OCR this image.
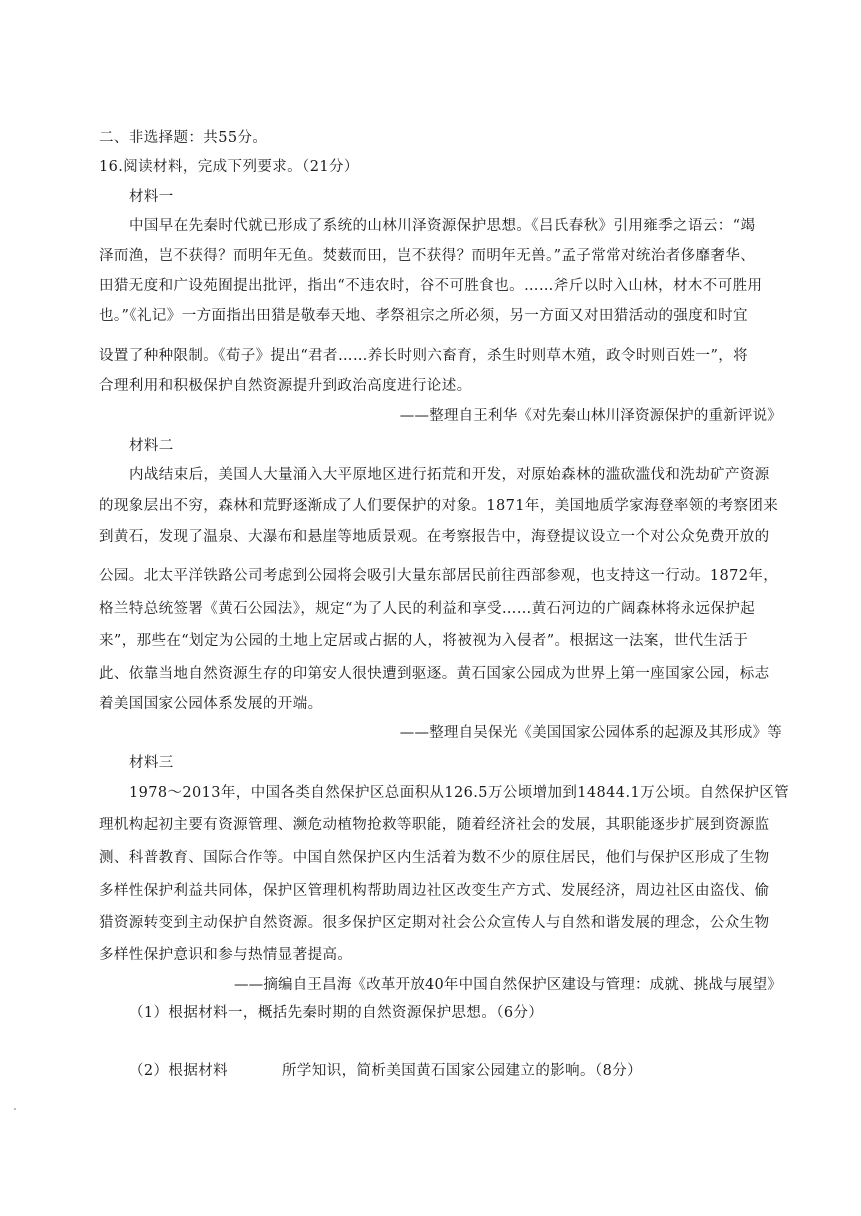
二、非选择题：共55分。
16.阅读材料，完成下列要求。（21分）
材料一
中国早在先秦时代就已形成了系统的山林川泽资源保护思想。《吕氏春秋》引用雍季之语云：“竭
泽而渔，岂不获得？而明年无鱼。焚薮而田，岂不获得？而明年无兽。”孟子常常对统治者侈靡奢华、
田猎无度和广设苑囿提出批评，指出“不违农时，谷不可胜食也。……斧斤以时入山林，材木不可胜用
也。”《礼记》一方面指出田猎是敬奉天地、孝祭祖宗之所必须，另一方面又对田猎活动的强度和时宜
设置了种种限制。《荀子》提出“君者……养长时则六畜育，杀生时则草木殖，政令时则百姓一”，将
合理利用和积极保护自然资源提升到政治高度进行论述。
——整理自王利华《对先秦山林川泽资源保护的重新评说》
材料二
内战结束后，美国人大量涌入大平原地区进行拓荒和开发，对原始森林的滥砍滥伐和洗劫矿产资源
的现象层出不穷，森林和荒野逐渐成了人们要保护的对象。1871年，美国地质学家海登率领的考察团来
到黄石，发现了温泉、大瀑布和悬崖等地质景观。在考察报告中，海登提议设立一个对公众免费开放的
公园。北太平洋铁路公司考虑到公园将会吸引大量东部居民前往西部参观，也支持这一行动。1872年，
格兰特总统签署《黄石公园法》，规定“为了人民的利益和享受……黄石河边的广阔森林将永远保护起
来”，那些在“划定为公园的土地上定居或占据的人，将被视为入侵者”。根据这一法案，世代生活于
此、依靠当地自然资源生存的印第安人很快遭到驱逐。黄石国家公园成为世界上第一座国家公园，标志
着美国国家公园体系发展的开端。
——整理自吴保光《美国国家公园体系的起源及其形成》等
材料三
1978～2013年，中国各类自然保护区总面积从126.5万公顷增加到14844.1万公顷。自然保护区管
理机构起初主要有资源管理、濒危动植物抢救等职能，随着经济社会的发展，其职能逐步扩展到资源监
测、科普教育、国际合作等。中国自然保护区内生活着为数不少的原住居民，他们与保护区形成了生物
多样性保护利益共同体，保护区管理机构帮助周边社区改变生产方式、发展经济，周边社区由盗伐、偷
猎资源转变到主动保护自然资源。很多保护区定期对社会公众宣传人与自然和谐发展的理念，公众生物
多样性保护意识和参与热情显著提高。
——摘编自王昌海《改革开放40年中国自然保护区建设与管理：成就、挑战与展望》
（1）根据材料一，概括先秦时期的自然资源保护思想。（6分）
（2）根据材料	所学知识，简析美国黄石国家公园建立的影响。（8分）
